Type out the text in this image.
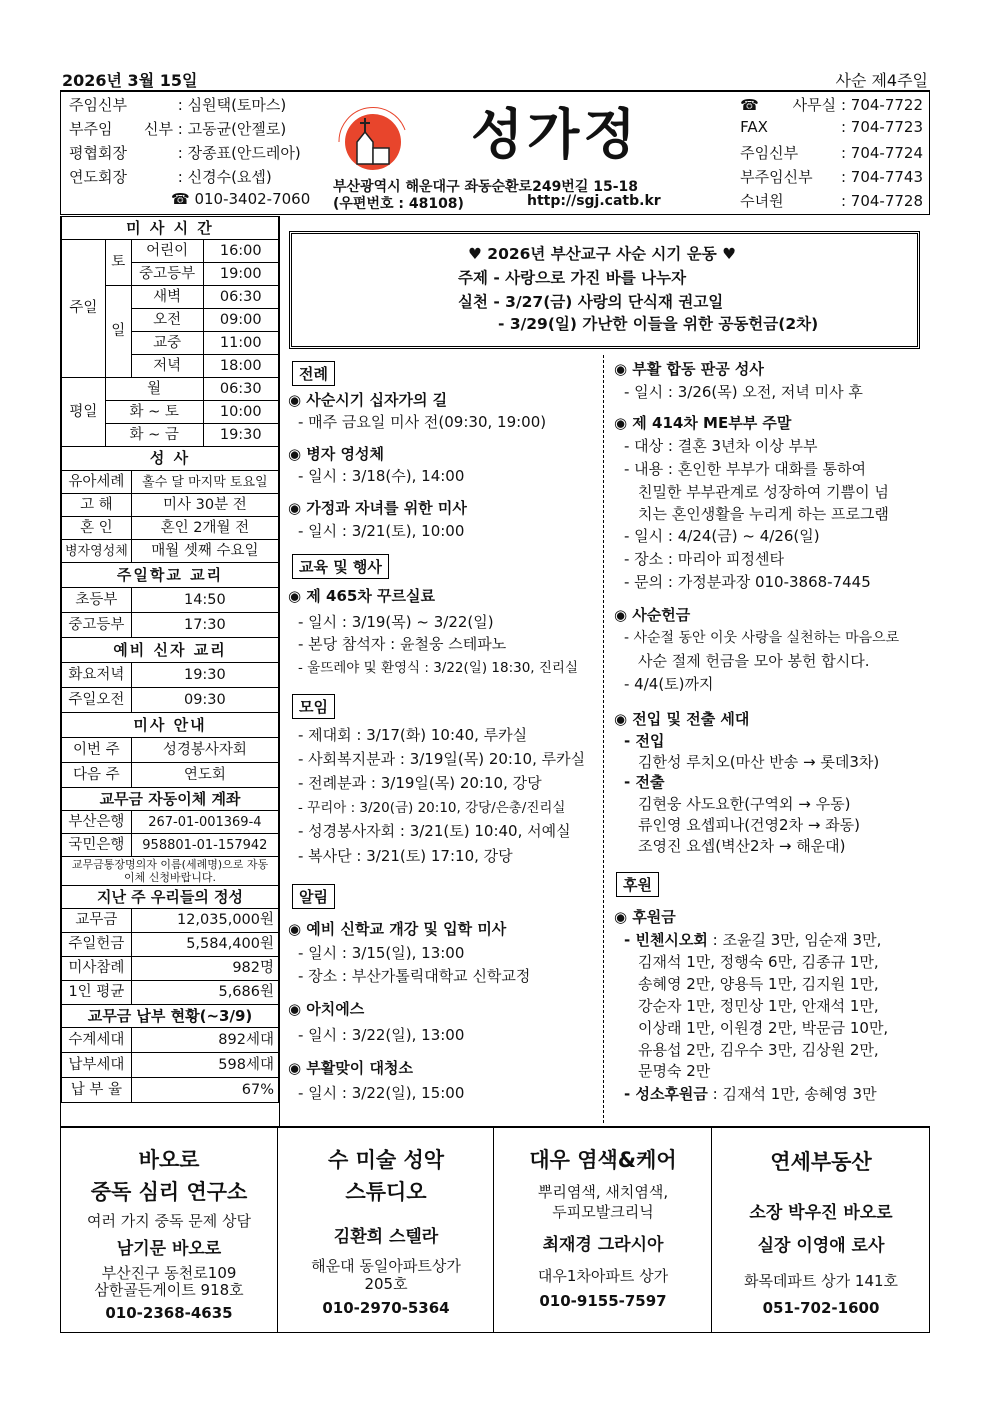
2026년 3월 15일	사순 제4주일
주임신부	: 심원택(토마스)
부주임 신부 : 고동균(안젤로)
평협회장	: 장종표(안드레아)
연도회장	: 신경수(요셉)
☎ 010-3402-7060
성가정
부산광역시 해운대구 좌동순환로249번길 15-18
(우편번호 : 48108)	http://sgj.catb.kr
☎ 사무실 : 704-7722
FAX	: 704-7723
주임신부	: 704-7724
부주임신부 : 704-7743
수녀원	: 704-7728
미 사 시 간			
주일	토	어린이	16:00
		중고등부	19:00
	일	새벽	06:30
		오전	09:00
		교중	11:00
		저녁	18:00
평일	월		06:30
	화 ~ 토		10:00
	화 ~ 금		19:30
성 사			
유아세례		홀수 달 마지막 토요일	
고 해		미사 30분 전	
혼 인		혼인 2개월 전	
병자영성체		매월 셋째 수요일	
주일학교 교리			
초등부		14:50	
중고등부		17:30	
예비 신자 교리			
화요저녁		19:30	
주일오전		09:30	
미사 안내			
이번 주		성경봉사자회	
다음 주		연도회	
교무금 자동이체 계좌			
부산은행		267-01-001369-4	
국민은행		958801-01-157942	
교무금통장명의자 이름(세례명)으로 자동이체 신청바랍니다.			
지난 주 우리들의 정성			
교무금		12,035,000원	
주일헌금		5,584,400원	
미사참례		982명	
1인 평균		5,686원	
교무금 납부 현황(~3/9)			
수계세대		892세대	
납부세대		598세대	
납 부 율		67%	
♥ 2026년 부산교구 사순 시기 운동 ♥
주제 - 사랑으로 가진 바를 나누자
실천 - 3/27(금) 사랑의 단식재 권고일
- 3/29(일) 가난한 이들을 위한 공동헌금(2차)
전례
◉ 사순시기 십자가의 길
- 매주 금요일 미사 전(09:30, 19:00)
◉ 병자 영성체
- 일시 : 3/18(수), 14:00
◉ 가정과 자녀를 위한 미사
- 일시 : 3/21(토), 10:00
교육 및 행사
◉ 제 465차 꾸르실료
- 일시 : 3/19(목) ~ 3/22(일)
- 본당 참석자 : 윤철웅 스테파노
- 울뜨레야 및 환영식 : 3/22(일) 18:30, 진리실
모임
- 제대회 : 3/17(화) 10:40, 루카실
- 사회복지분과 : 3/19일(목) 20:10, 루카실
- 전례분과 : 3/19일(목) 20:10, 강당
- 꾸리아 : 3/20(금) 20:10, 강당/은총/진리실
- 성경봉사자회 : 3/21(토) 10:40, 서예실
- 복사단 : 3/21(토) 17:10, 강당
알림
◉ 예비 신학교 개강 및 입학 미사
- 일시 : 3/15(일), 13:00
- 장소 : 부산가톨릭대학교 신학교정
◉ 아치에스
- 일시 : 3/22(일), 13:00
◉ 부활맞이 대청소
- 일시 : 3/22(일), 15:00
◉ 부활 합동 판공 성사
- 일시 : 3/26(목) 오전, 저녁 미사 후
◉ 제 414차 ME부부 주말
- 대상 : 결혼 3년차 이상 부부
- 내용 : 혼인한 부부가 대화를 통하여
친밀한 부부관계로 성장하여 기쁨이 넘
치는 혼인생활을 누리게 하는 프로그램
- 일시 : 4/24(금) ~ 4/26(일)
- 장소 : 마리아 피정센타
- 문의 : 가정분과장 010-3868-7445
◉ 사순헌금
- 사순절 동안 이웃 사랑을 실천하는 마음으로
사순 절제 헌금을 모아 봉헌 합시다.
- 4/4(토)까지
◉ 전입 및 전출 세대
- 전입
김한성 루치오(마산 반송 → 롯데3차)
- 전출
김현웅 사도요한(구역외 → 우동)
류인영 요셉피나(건영2차 → 좌동)
조영진 요셉(벽산2차 → 해운대)
후원
◉ 후원금
- 빈첸시오회 : 조윤길 3만, 임순재 3만,
김재석 1만, 정행숙 6만, 김종규 1만,
송혜영 2만, 양용득 1만, 김지원 1만,
강순자 1만, 정민상 1만, 안재석 1만,
이상래 1만, 이원경 2만, 박문금 10만,
유용섭 2만, 김우수 3만, 김상원 2만,
문명숙 2만
- 성소후원금 : 김재석 1만, 송혜영 3만
바오로
중독 심리 연구소
여러 가지 중독 문제 상담
남기문 바오로
부산진구 동천로109
삼한골든게이트 918호
010-2368-4635
수 미술 성악
스튜디오
김환희 스텔라
해운대 동일아파트상가
205호
010-2970-5364
대우 염색&케어
뿌리염색, 새치염색,
두피모발크리닉
최재경 그라시아
대우1차아파트 상가
010-9155-7597
연세부동산
소장 박우진 바오로
실장 이영애 로사
화목데파트 상가 141호
051-702-1600
